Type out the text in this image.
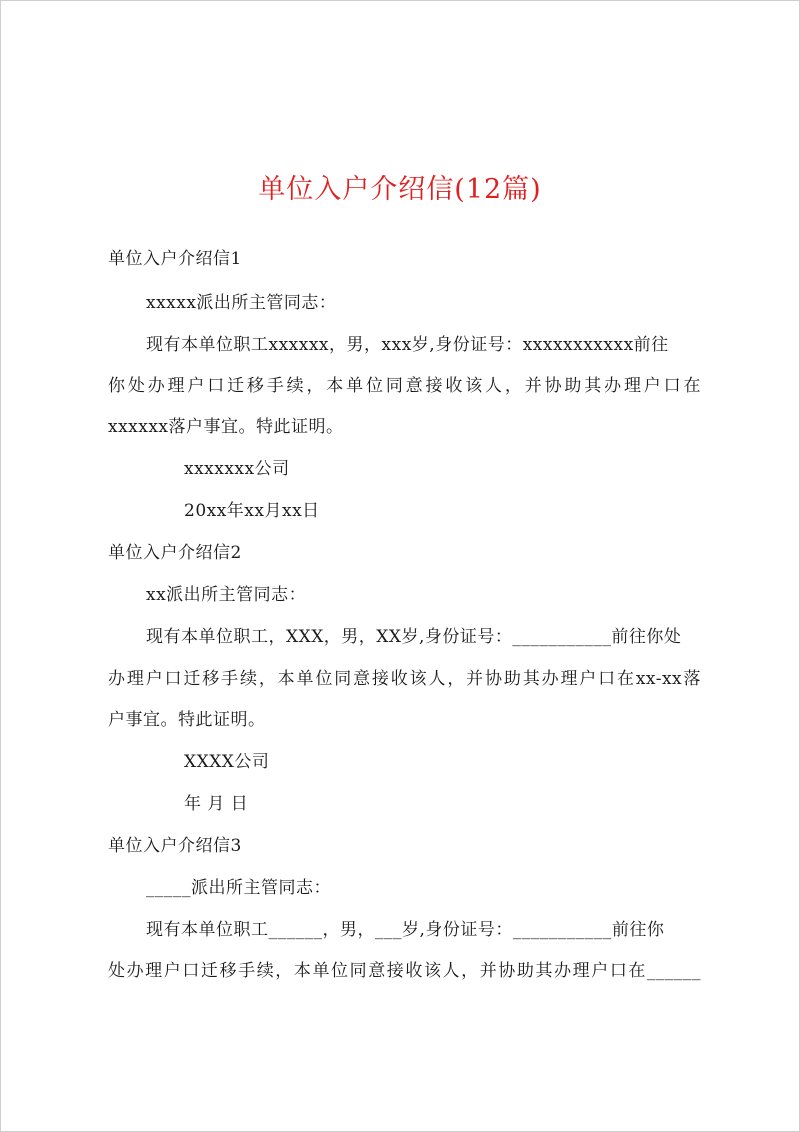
单位入户介绍信(12篇)
单位入户介绍信1
xxxxx派出所主管同志：
现有本单位职工xxxxxx，男，xxx岁,身份证号：xxxxxxxxxxx前往
你处办理户口迁移手续，本单位同意接收该人，并协助其办理户口在
xxxxxx落户事宜。特此证明。
xxxxxxx公司
20xx年xx月xx日
单位入户介绍信2
xx派出所主管同志：
现有本单位职工，XXX，男，XX岁,身份证号：___________前往你处
办理户口迁移手续，本单位同意接收该人，并协助其办理户口在xx-xx落
户事宜。特此证明。
XXXX公司
年 月 日
单位入户介绍信3
_____派出所主管同志：
现有本单位职工______，男，___岁,身份证号：___________前往你
处办理户口迁移手续，本单位同意接收该人，并协助其办理户口在______
